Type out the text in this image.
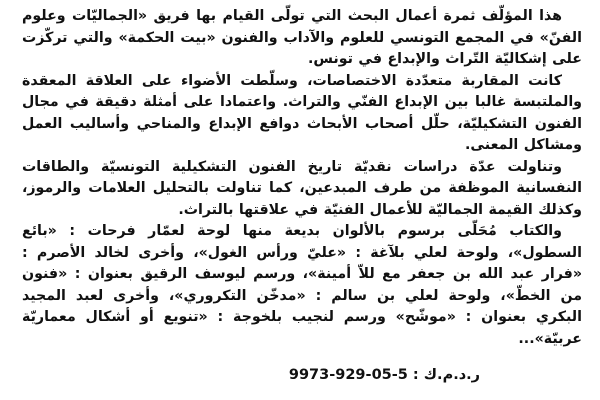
هذا المؤلّف ثمرة أعمال البحث التي تولّى القيام بها فريق «الجماليّات وعلوم الفنّ» في المجمع التونسي للعلوم والآداب والفنون «بيت الحكمة» والتي تركّزت على إشكاليّة التّراث والإبداع في تونس.

كانت المقاربة متعدّدة الاختصاصات، وسلّطت الأضواء على العلاقة المعقدة والملتبسة غالبا بين الإبداع الفنّي والتراث. واعتمادا على أمثلة دقيقة في مجال الفنون التشكيليّة، حلّل أصحاب الأبحاث دوافع الإبداع والمناحي وأساليب العمل ومشاكل المعنى.

وتناولت عدّة دراسات نقديّة تاريخ الفنون التشكيلية التونسيّة والطاقات النفسانية الموظفة من طرف المبدعين، كما تناولت بالتحليل العلامات والرموز، وكذلك القيمة الجماليّة للأعمال الفنيّة في علاقتها بالتراث.

والكتاب مُحَلّى برسوم بالألوان بديعة منها لوحة لعمّار فرحات : «بائع السطول»، ولوحة لعلي بلآغة : «عليّ ورأس الغول»، وأخرى لخالد الأصرم : «فرار عبد الله بن جعفر مع للاّ أمينة»، ورسم ليوسف الرقيق بعنوان : «فنون من الخطّ»، ولوحة لعلي بن سالم : «مدخّن التكروري»، وأخرى لعبد المجيد البكري بعنوان : «موشّح» ورسم لنجيب بلخوجة : «تنويع أو أشكال معماريّة عربيّة»...

ر.د.م.ك : 5-05-929-9973
